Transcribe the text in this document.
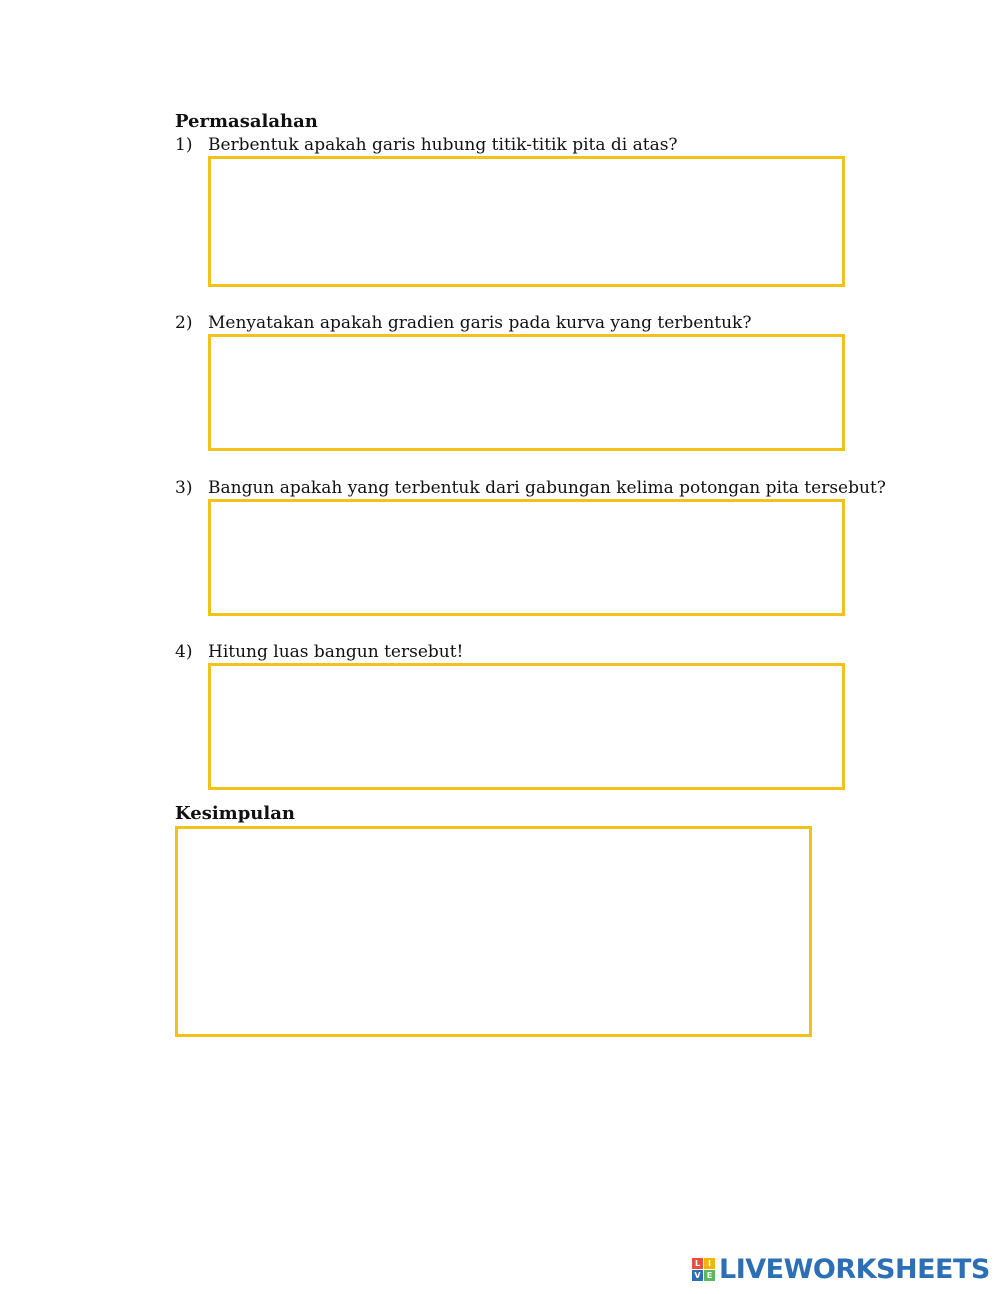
Permasalahan
1) Berbentuk apakah garis hubung titik-titik pita di atas?
2) Menyatakan apakah gradien garis pada kurva yang terbentuk?
3) Bangun apakah yang terbentuk dari gabungan kelima potongan pita tersebut?
4) Hitung luas bangun tersebut!
Kesimpulan
L I
V E LIVEWORKSHEETS
